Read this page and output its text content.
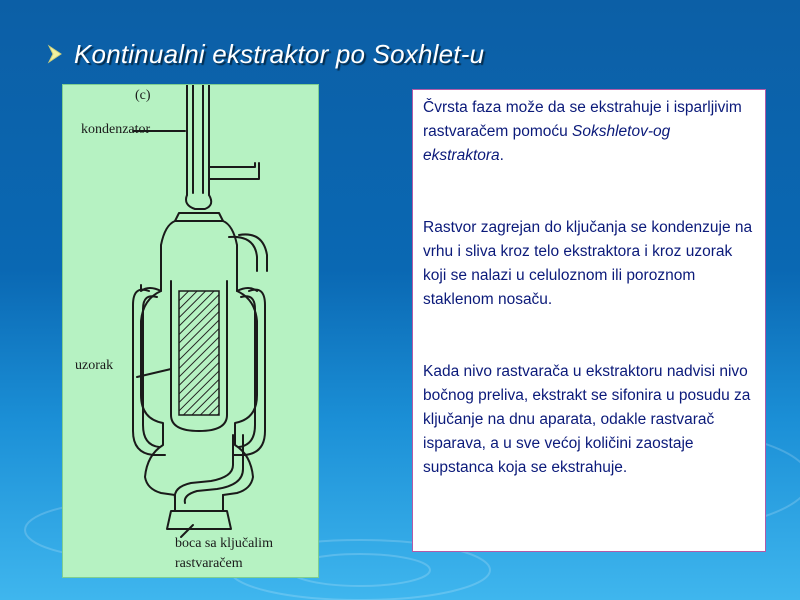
Kontinualni ekstraktor po Soxhlet-u
(c)
kondenzator
uzorak
boca sa ključalim
rastvaračem

Čvrsta faza može da se ekstrahuje i isparljivim rastvaračem pomoću Sokshletov-og ekstraktora.

Rastvor zagrejan do ključanja se kondenzuje na vrhu i sliva kroz telo ekstraktora i kroz uzorak koji se nalazi u celuloznom ili poroznom staklenom nosaču.

Kada nivo rastvarača u ekstraktoru nadvisi nivo bočnog preliva, ekstrakt se sifonira u posudu za ključanje na dnu aparata, odakle rastvarač isparava, a u sve većoj količini zaostaje supstanca koja se ekstrahuje.
